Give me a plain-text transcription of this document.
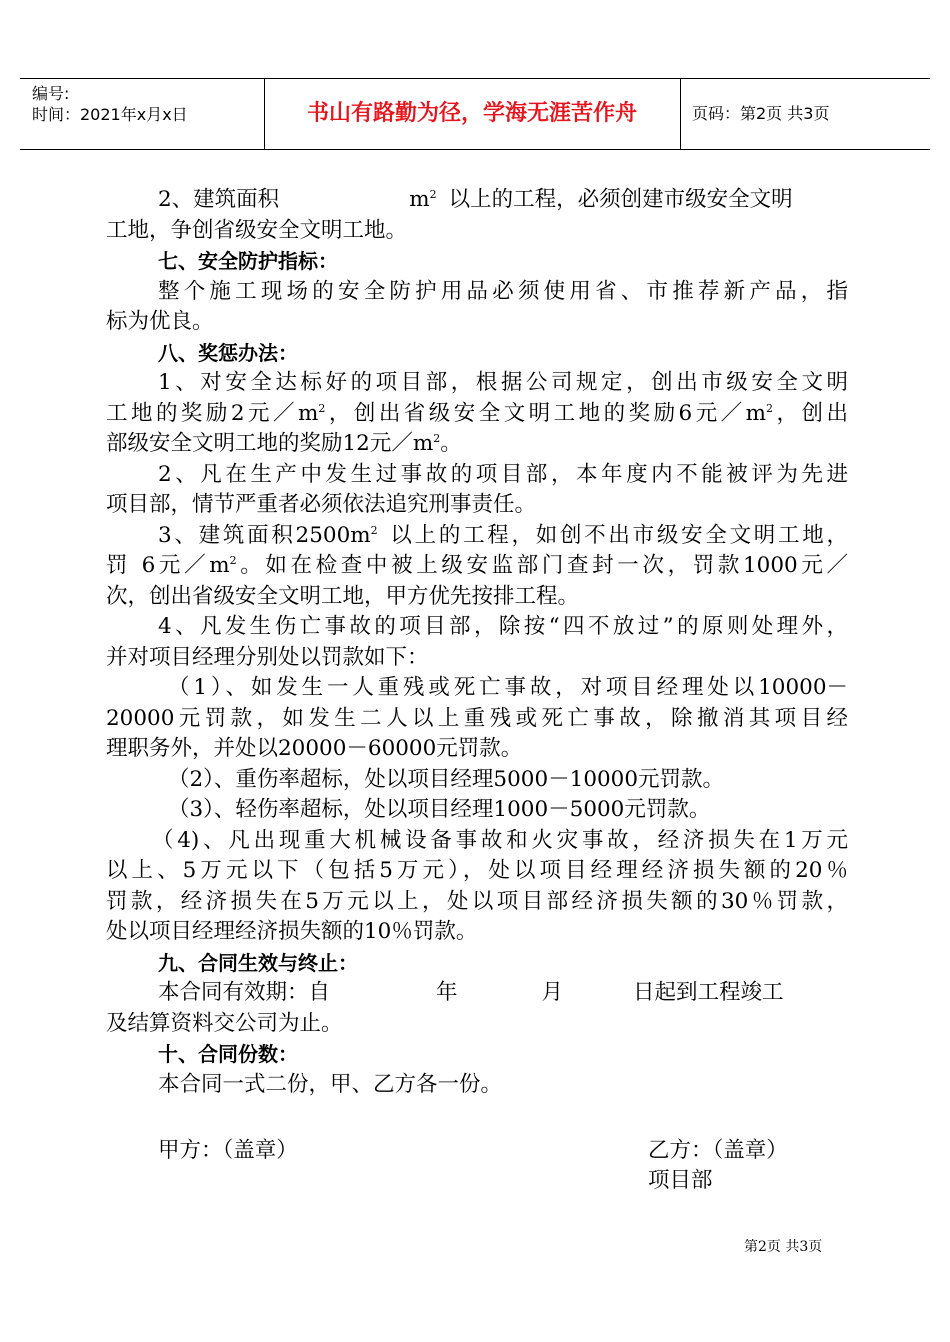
编号:
时间：2021年x月x日	书山有路勤为径，学海无涯苦作舟	页码：第2页 共3页
2、建筑面积	$m^2$ 以上的工程，必须创建市级安全文明
工地，争创省级安全文明工地。
七、安全防护指标：
整个施工现场的安全防护用品必须使用省、市推荐新产品，指
标为优良。
八、奖惩办法：
1、对安全达标好的项目部，根据公司规定，创出市级安全文明
工地的奖励2元$/m^2$，创出省级安全文明工地的奖励6元$/m^2$，创出
部级安全文明工地的奖励12元$/m^2$。
2、凡在生产中发生过事故的项目部，本年度内不能被评为先进
项目部，情节严重者必须依法追究刑事责任。
3、建筑面积$2500m^2$ 以上的工程，如创不出市级安全文明工地，
罚 6元$/m^2$。如在检查中被上级安监部门查封一次，罚款1000元／
次，创出省级安全文明工地，甲方优先按排工程。
4、凡发生伤亡事故的项目部，除按“四不放过”的原则处理外，
并对项目经理分别处以罚款如下：
（1）、如发生一人重残或死亡事故，对项目经理处以10000－
20000元罚款，如发生二人以上重残或死亡事故，除撤消其项目经
理职务外，并处以20000－60000元罚款。
（2）、重伤率超标，处以项目经理5000－10000元罚款。
（3）、轻伤率超标，处以项目经理1000－5000元罚款。
（4)、凡出现重大机械设备事故和火灾事故，经济损失在1万元
以上、5万元以下（包括5万元），处以项目经理经济损失额的20％
罚款，经济损失在5万元以上，处以项目部经济损失额的30％罚款，
处以项目经理经济损失额的10％罚款。
九、合同生效与终止：
本合同有效期：自	年	月	日起到工程竣工
及结算资料交公司为止。
十、合同份数：
本合同一式二份，甲、乙方各一份。
甲方：（盖章）	乙方：（盖章）
项目部
第2页 共3页
